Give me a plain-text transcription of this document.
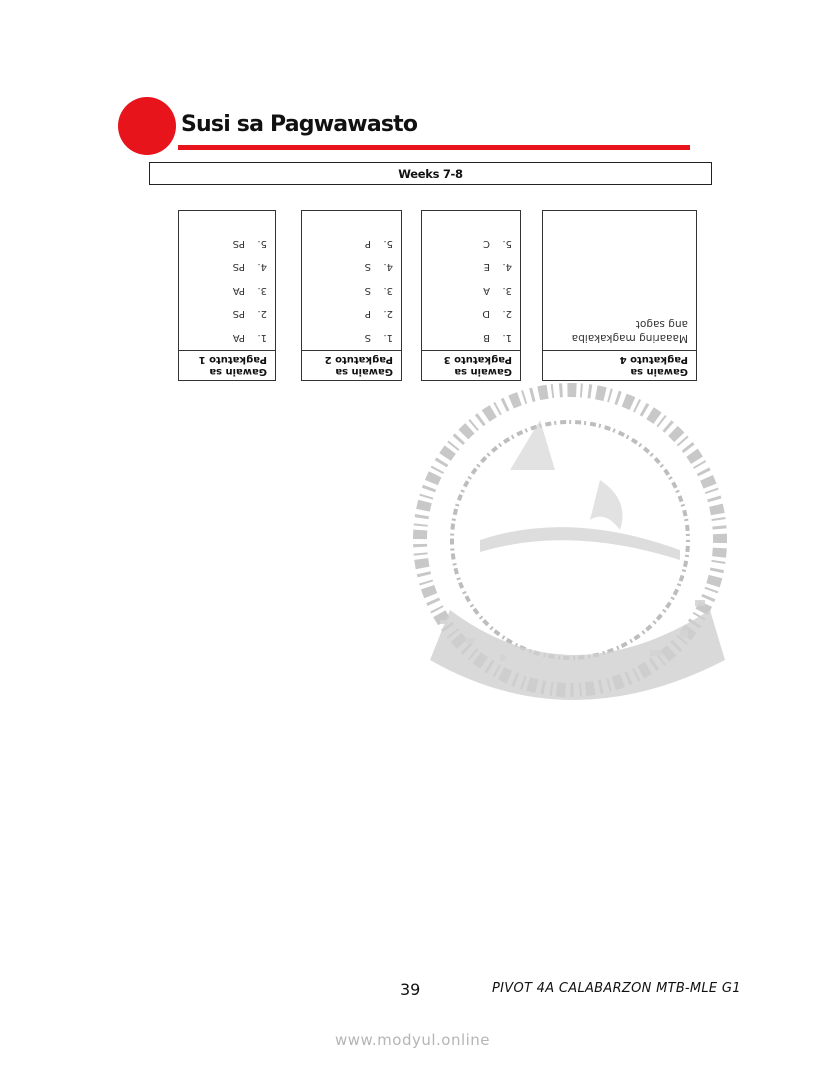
Susi sa Pagwawasto
Weeks 7-8
Gawain sa
Pagkatuto 1
1.
PA
2.
PS
3.
PA
4.
PS
5.
PS
Gawain sa
Pagkatuto 2
1.
S
2.
P
3.
S
4.
S
5.
P
Gawain sa
Pagkatuto 3
1.
B
2.
D
3.
A
4.
E
5.
C
Gawain sa
Pagkatuto 4
Maaaring magkakaiba ang sagot
39	PIVOT 4A CALABARZON MTB-MLE G1
www.modyul.online
